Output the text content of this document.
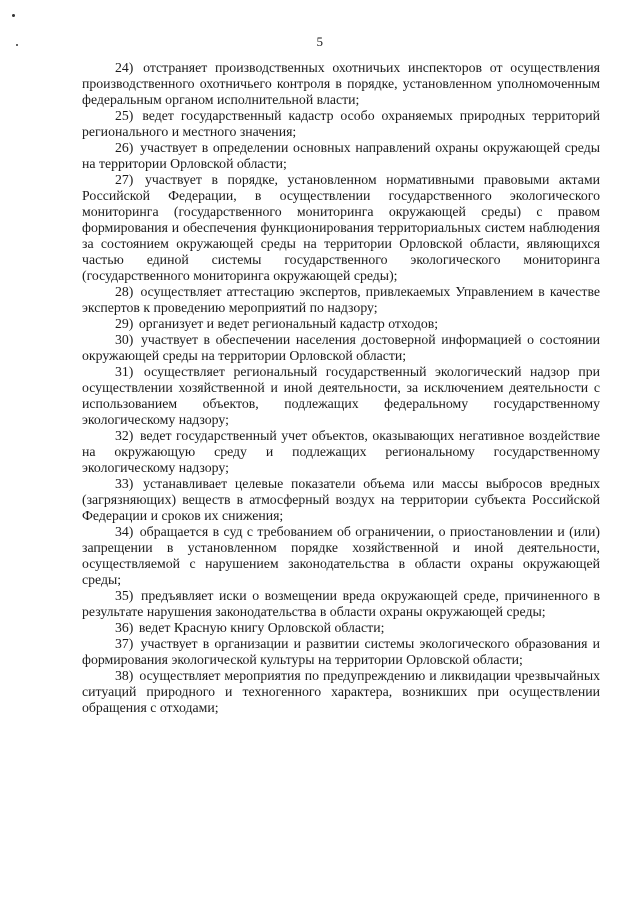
5

24) отстраняет производственных охотничьих инспекторов от осуществления производственного охотничьего контроля в порядке, установленном уполномоченным федеральным органом исполнительной власти;

25) ведет государственный кадастр особо охраняемых природных территорий регионального и местного значения;

26) участвует в определении основных направлений охраны окружающей среды на территории Орловской области;

27) участвует в порядке, установленном нормативными правовыми актами Российской Федерации, в осуществлении государственного экологического мониторинга (государственного мониторинга окружающей среды) с правом формирования и обеспечения функционирования территориальных систем наблюдения за состоянием окружающей среды на территории Орловской области, являющихся частью единой системы государственного экологического мониторинга (государственного мониторинга окружающей среды);

28) осуществляет аттестацию экспертов, привлекаемых Управлением в качестве экспертов к проведению мероприятий по надзору;

29) организует и ведет региональный кадастр отходов;

30) участвует в обеспечении населения достоверной информацией о состоянии окружающей среды на территории Орловской области;

31) осуществляет региональный государственный экологический надзор при осуществлении хозяйственной и иной деятельности, за исключением деятельности с использованием объектов, подлежащих федеральному государственному экологическому надзору;

32) ведет государственный учет объектов, оказывающих негативное воздействие на окружающую среду и подлежащих региональному государственному экологическому надзору;

33) устанавливает целевые показатели объема или массы выбросов вредных (загрязняющих) веществ в атмосферный воздух на территории субъекта Российской Федерации и сроков их снижения;

34) обращается в суд с требованием об ограничении, о приостановлении и (или) запрещении в установленном порядке хозяйственной и иной деятельности, осуществляемой с нарушением законодательства в области охраны окружающей среды;

35) предъявляет иски о возмещении вреда окружающей среде, причиненного в результате нарушения законодательства в области охраны окружающей среды;

36) ведет Красную книгу Орловской области;

37) участвует в организации и развитии системы экологического образования и формирования экологической культуры на территории Орловской области;

38) осуществляет мероприятия по предупреждению и ликвидации чрезвычайных ситуаций природного и техногенного характера, возникших при осуществлении обращения с отходами;
